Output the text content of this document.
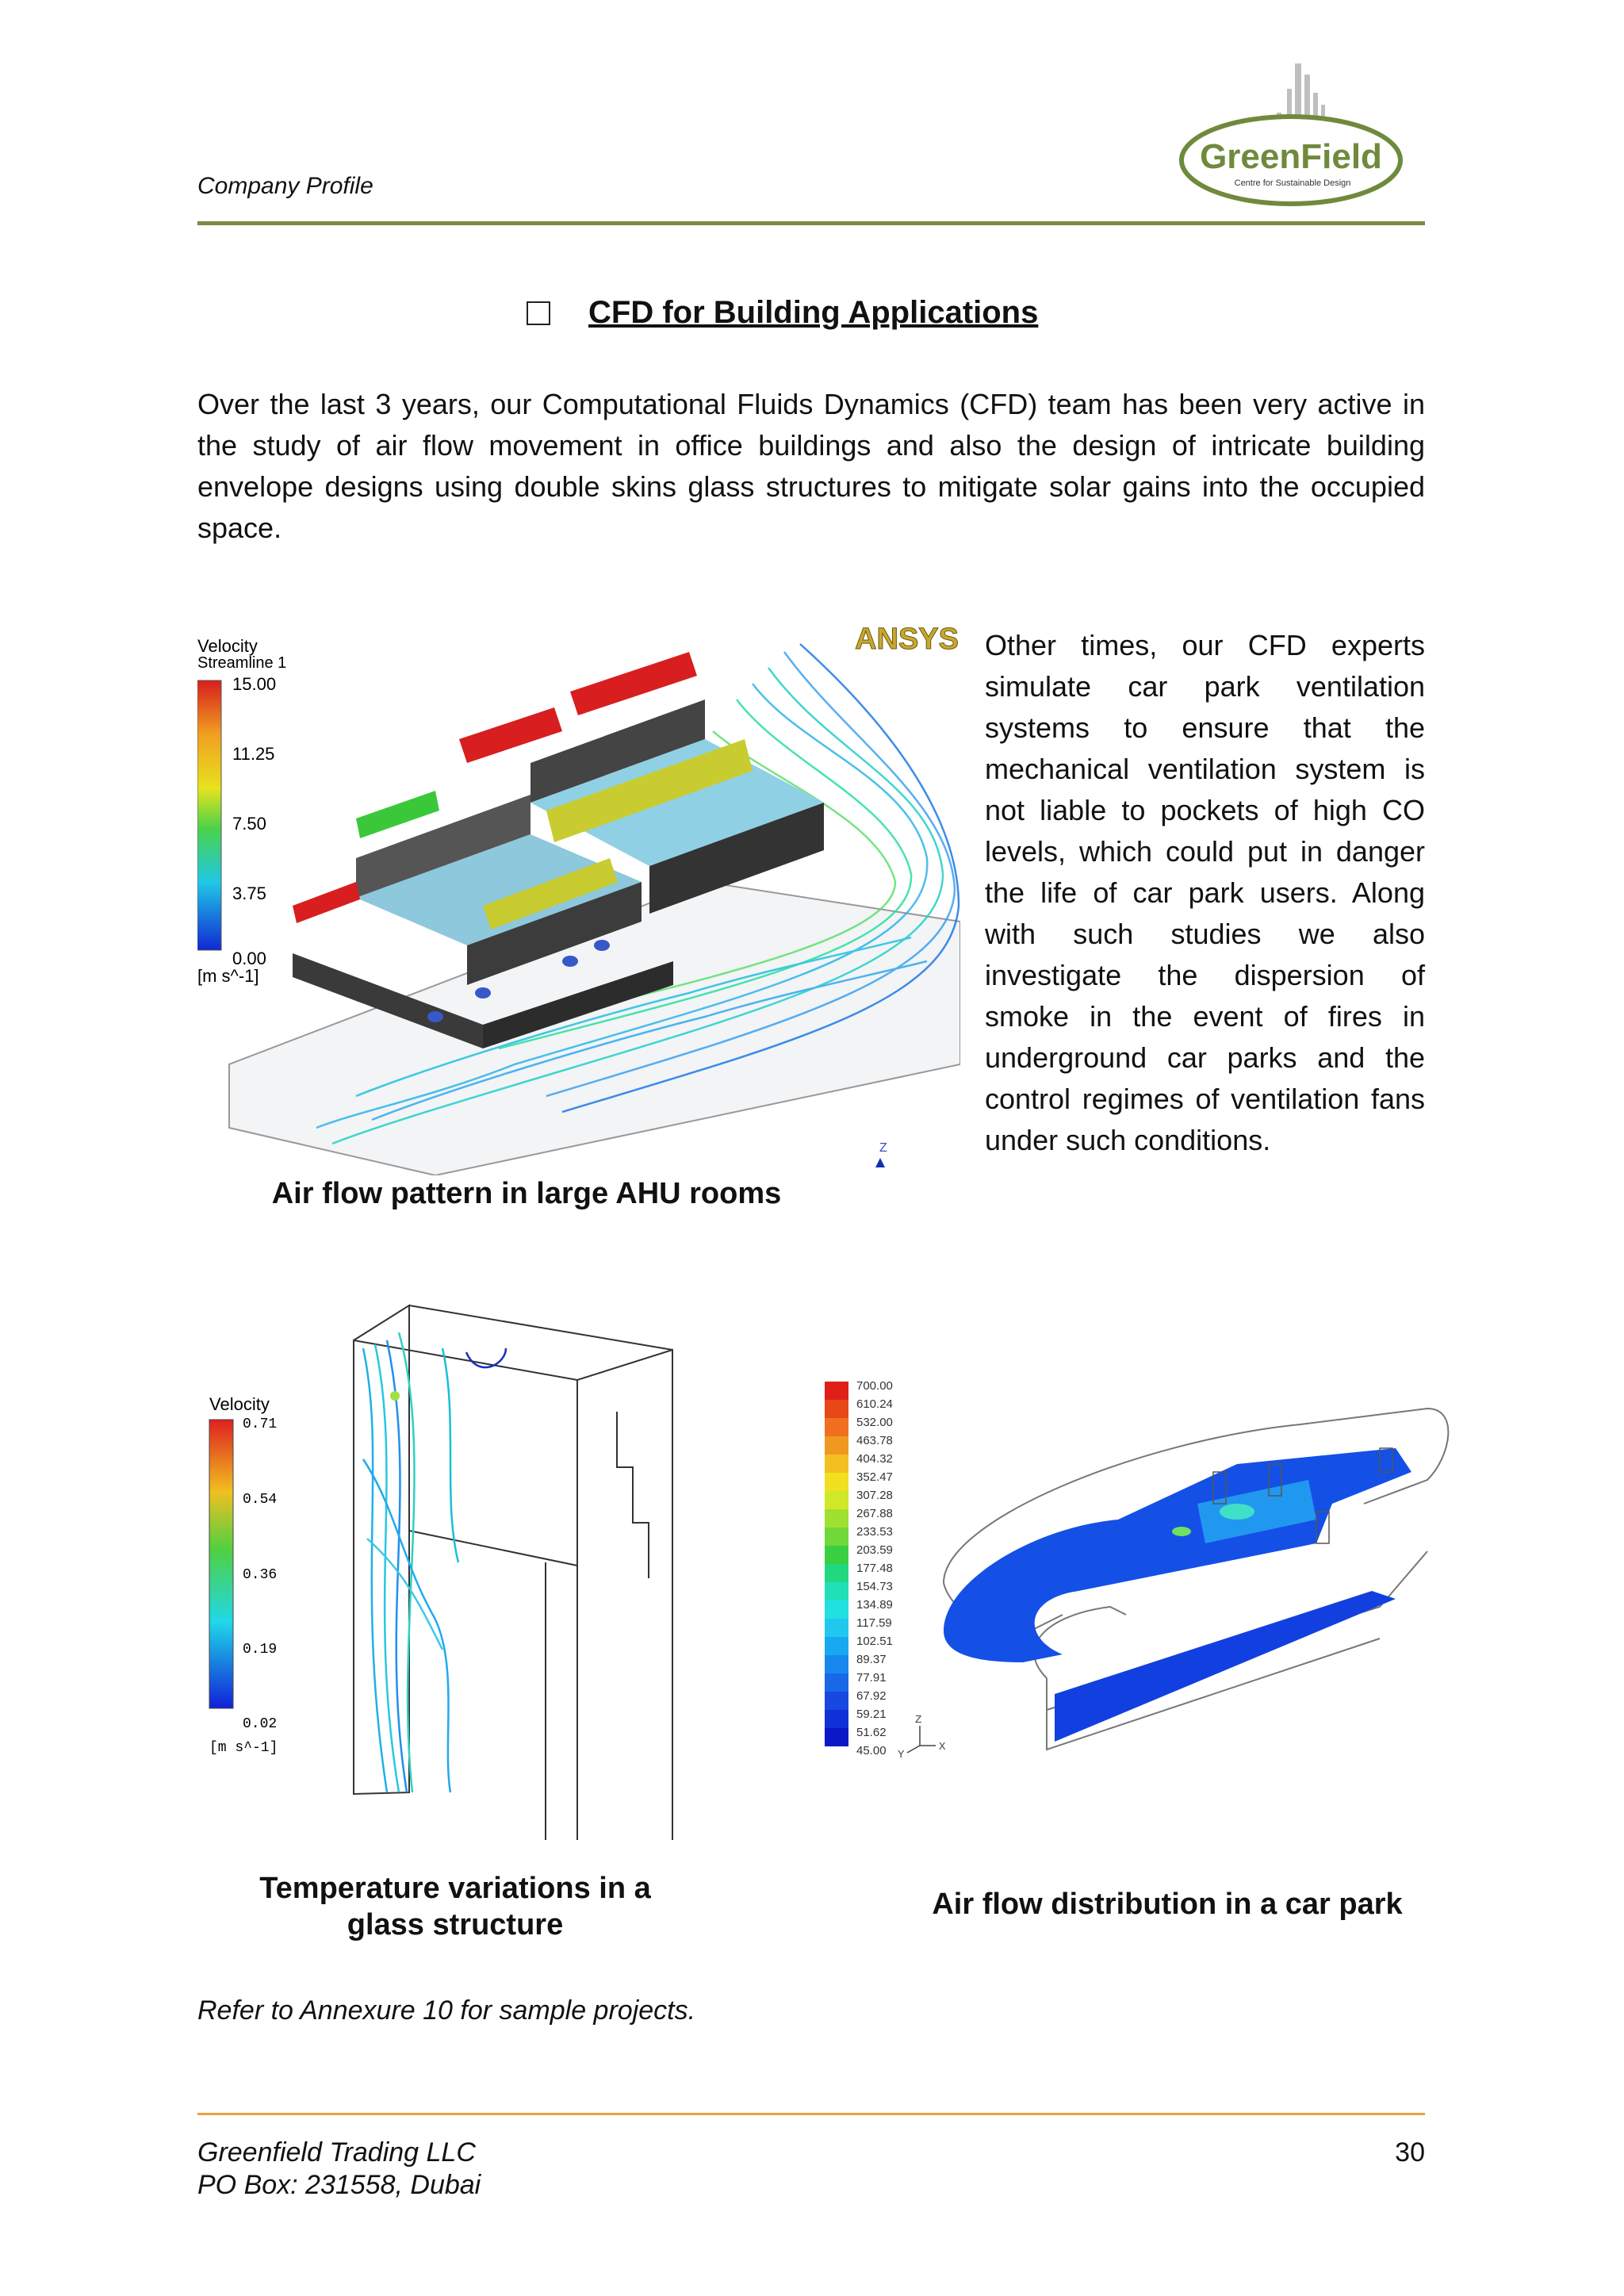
Company Profile
GreenField
Centre for Sustainable Design
CFD for Building Applications
Over the last 3 years, our Computational Fluids Dynamics (CFD) team has been very active in the study of air flow movement in office buildings and also the design of intricate building envelope designs using double skins glass structures to mitigate solar gains into the occupied space.
Velocity
Streamline 1
15.00
11.25
7.50
3.75
0.00
[m s^-1]
ANSYS
Z
Other times, our CFD experts simulate car park ventilation systems to ensure that the mechanical ventilation system is not liable to pockets of high CO levels, which could put in danger the life of car park users. Along with such studies we also investigate the dispersion of smoke in the event of fires in underground car parks and the control regimes of ventilation fans under such conditions.
Air flow pattern in large AHU rooms
Velocity
0.71
0.54
0.36
0.19
0.02
[m s^-1]
700.00
610.24
532.00
463.78
404.32
352.47
307.28
267.88
233.53
203.59
177.48
154.73
134.89
117.59
102.51
89.37
77.91
67.92
59.21
51.62
45.00
Z
Y
X
Temperature variations in a glass structure
Air flow distribution in a car park
Refer to Annexure 10 for sample projects.
Greenfield Trading LLC
PO Box: 231558, Dubai
30
